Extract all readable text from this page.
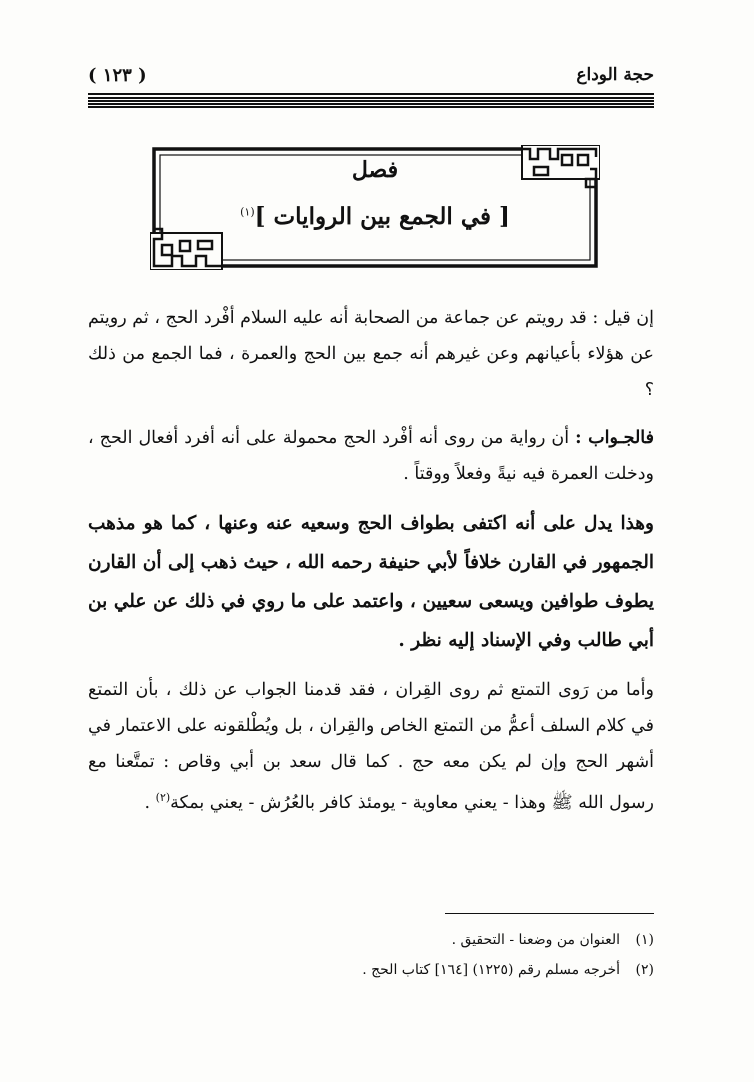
حجة الوداع
( ١٢٣ )
فصل
[ في الجمع بين الروايات ]$^{(١)}$

إن قيل : قد رويتم عن جماعة من الصحابة أنه عليه السلام أفْرد الحج ، ثم رويتم عن هؤلاء بأعيانهم وعن غيرهم أنه جمع بين الحج والعمرة ، فما الجمع من ذلك ؟

فالجـواب : أن رواية من روى أنه أفْرد الحج محمولة على أنه أفرد أفعال الحج ، ودخلت العمرة فيه نيةً وفعلاً ووقتاً .

وهذا يدل على أنه اكتفى بطواف الحج وسعيه عنه وعنها ، كما هو مذهب الجمهور في القارن خلافاً لأبي حنيفة رحمه الله ، حيث ذهب إلى أن القارن يطوف طوافين ويسعى سعيين ، واعتمد على ما روي في ذلك عن علي بن أبي طالب وفي الإسناد إليه نظر .

وأما من رَوى التمتع ثم روى القِران ، فقد قدمنا الجواب عن ذلك ، بأن التمتع في كلام السلف أعمُّ من التمتع الخاص والقِران ، بل ويُطْلقونه على الاعتمار في أشهر الحج وإن لم يكن معه حج . كما قال سعد بن أبي وقاص : تمتَّعنا مع رسول الله ﷺ وهذا - يعني معاوية - يومئذ كافر بالعُرُش - يعني بمكة$^{(٢)}$ .

(١)العنوان من وضعنا - التحقيق .

(٢)أخرجه مسلم رقم (١٢٢٥) [١٦٤] كتاب الحج .
